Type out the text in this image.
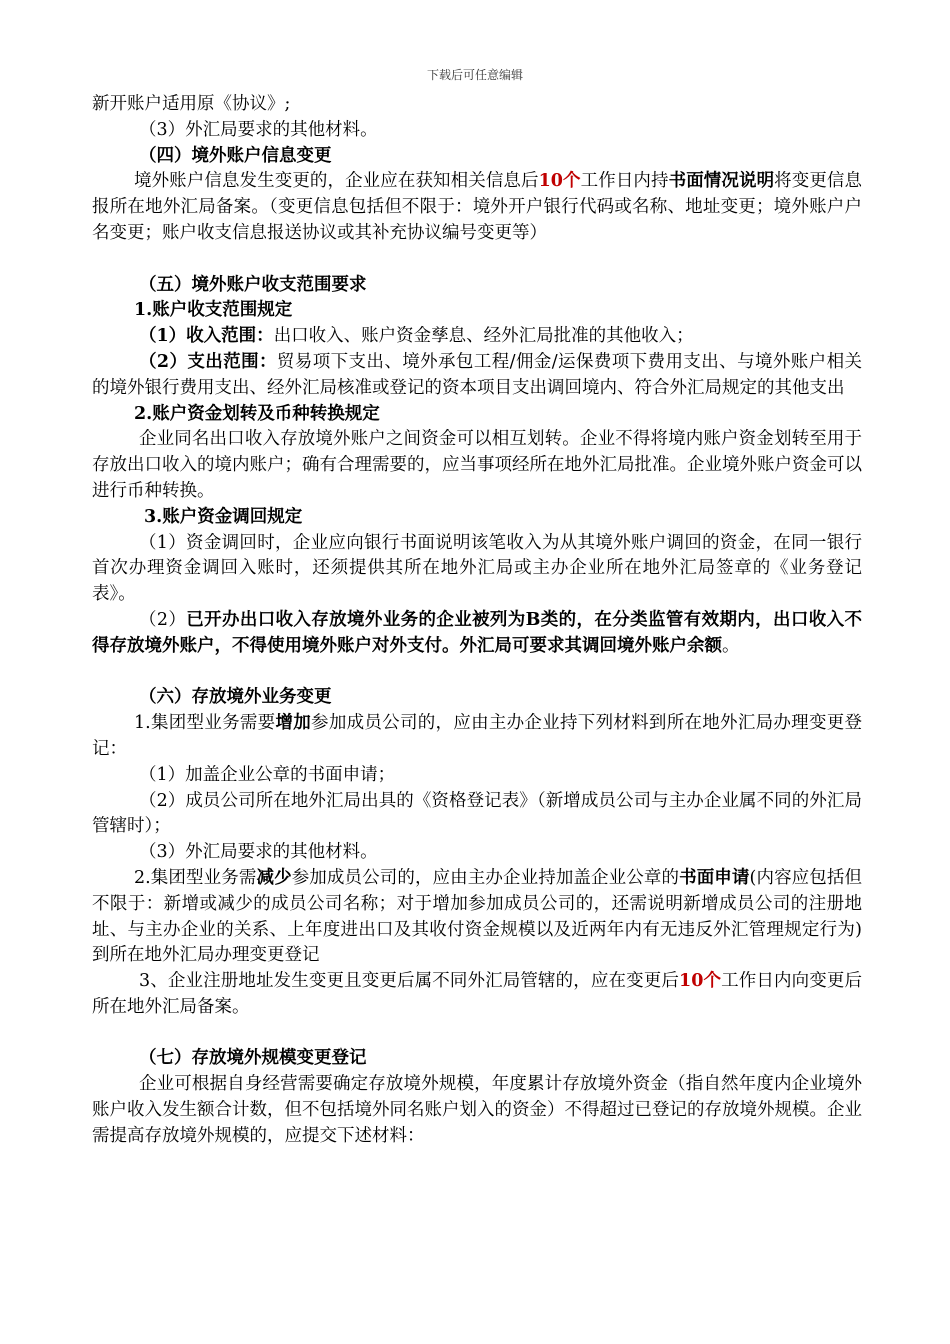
下载后可任意编辑
新开账户适用原《协议》;
（3）外汇局要求的其他材料。
（四）境外账户信息变更
境外账户信息发生变更的，企业应在获知相关信息后10个工作日内持书面情况说明将变更信息报所在地外汇局备案。（变更信息包括但不限于：境外开户银行代码或名称、地址变更；境外账户户名变更；账户收支信息报送协议或其补充协议编号变更等）
（五）境外账户收支范围要求
1.账户收支范围规定
（1）收入范围：出口收入、账户资金孳息、经外汇局批准的其他收入；
（2）支出范围：贸易项下支出、境外承包工程/佣金/运保费项下费用支出、与境外账户相关的境外银行费用支出、经外汇局核准或登记的资本项目支出调回境内、符合外汇局规定的其他支出
2.账户资金划转及币种转换规定
企业同名出口收入存放境外账户之间资金可以相互划转。企业不得将境内账户资金划转至用于存放出口收入的境内账户；确有合理需要的，应当事项经所在地外汇局批准。企业境外账户资金可以进行币种转换。
3.账户资金调回规定
（1）资金调回时，企业应向银行书面说明该笔收入为从其境外账户调回的资金，在同一银行首次办理资金调回入账时，还须提供其所在地外汇局或主办企业所在地外汇局签章的《业务登记表》。
（2）已开办出口收入存放境外业务的企业被列为B类的，在分类监管有效期内，出口收入不得存放境外账户，不得使用境外账户对外支付。外汇局可要求其调回境外账户余额。
（六）存放境外业务变更
1.集团型业务需要增加参加成员公司的，应由主办企业持下列材料到所在地外汇局办理变更登记：
（1）加盖企业公章的书面申请；
（2）成员公司所在地外汇局出具的《资格登记表》（新增成员公司与主办企业属不同的外汇局管辖时）；
（3）外汇局要求的其他材料。
2.集团型业务需减少参加成员公司的，应由主办企业持加盖企业公章的书面申请(内容应包括但不限于：新增或减少的成员公司名称；对于增加参加成员公司的，还需说明新增成员公司的注册地址、与主办企业的关系、上年度进出口及其收付资金规模以及近两年内有无违反外汇管理规定行为)到所在地外汇局办理变更登记
3、企业注册地址发生变更且变更后属不同外汇局管辖的，应在变更后10个工作日内向变更后所在地外汇局备案。
（七）存放境外规模变更登记
企业可根据自身经营需要确定存放境外规模，年度累计存放境外资金（指自然年度内企业境外账户收入发生额合计数，但不包括境外同名账户划入的资金）不得超过已登记的存放境外规模。企业需提高存放境外规模的，应提交下述材料：
